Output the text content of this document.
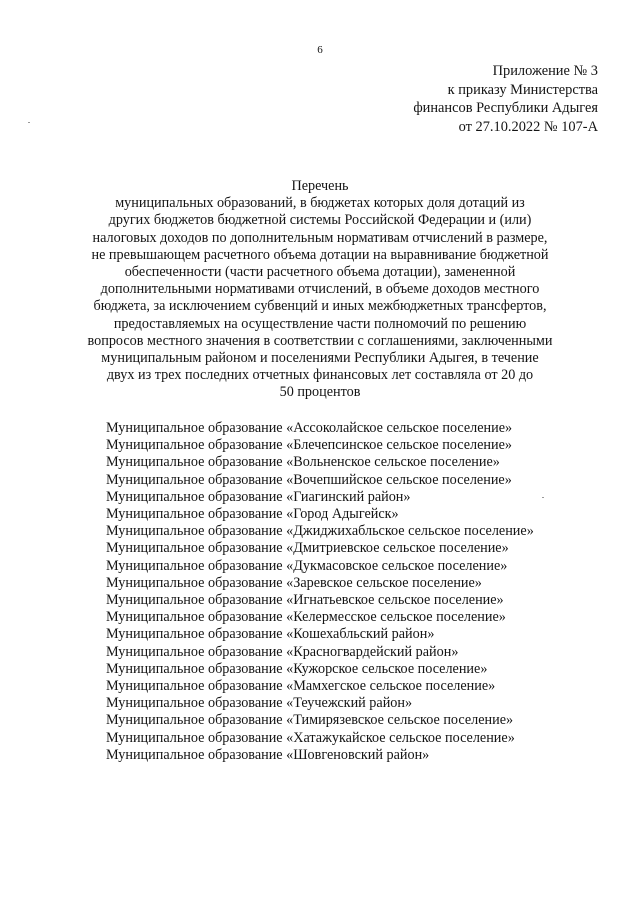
6
Приложение № 3
к приказу Министерства
финансов Республики Адыгея
от 27.10.2022 № 107-А
Перечень
муниципальных образований, в бюджетах которых доля дотаций из
других бюджетов бюджетной системы Российской Федерации и (или)
налоговых доходов по дополнительным нормативам отчислений в размере,
не превышающем расчетного объема дотации на выравнивание бюджетной
обеспеченности (части расчетного объема дотации), замененной
дополнительными нормативами отчислений, в объеме доходов местного
бюджета, за исключением субвенций и иных межбюджетных трансфертов,
предоставляемых на осуществление части полномочий по решению
вопросов местного значения в соответствии с соглашениями, заключенными
муниципальным районом и поселениями Республики Адыгея, в течение
двух из трех последних отчетных финансовых лет составляла от 20 до
50 процентов
Муниципальное образование «Ассоколайское сельское поселение»
Муниципальное образование «Блечепсинское сельское поселение»
Муниципальное образование «Вольненское сельское поселение»
Муниципальное образование «Вочепшийское сельское поселение»
Муниципальное образование «Гиагинский район»
Муниципальное образование «Город Адыгейск»
Муниципальное образование «Джиджихабльское сельское поселение»
Муниципальное образование «Дмитриевское сельское поселение»
Муниципальное образование «Дукмасовское сельское поселение»
Муниципальное образование «Заревское сельское поселение»
Муниципальное образование «Игнатьевское сельское поселение»
Муниципальное образование «Келермесское сельское поселение»
Муниципальное образование «Кошехабльский район»
Муниципальное образование «Красногвардейский район»
Муниципальное образование «Кужорское сельское поселение»
Муниципальное образование «Мамхегское сельское поселение»
Муниципальное образование «Теучежский район»
Муниципальное образование «Тимирязевское сельское поселение»
Муниципальное образование «Хатажукайское сельское поселение»
Муниципальное образование «Шовгеновский район»
